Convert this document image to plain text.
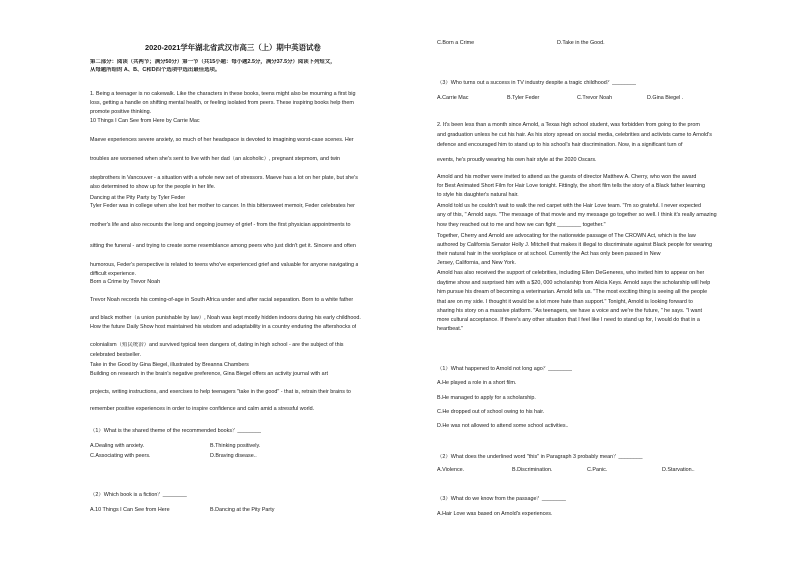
2020-2021学年湖北省武汉市高三（上）期中英语试卷
第二部分：阅读（共两节；满分50分）第一节（共15小题：每小题2.5分，满分37.5分）阅读下列短文，
从每题所给的 A、B、C和D四个选项中选出最佳选项。
1. Being a teenager is no cakewalk. Like the characters in these books, teens might also be mourning a first big
loss, getting a handle on shifting mental health, or feeling isolated from peers. These inspiring books help them
promote positive thinking.
10 Things I Can See from Here by Carrie Mac
Maeve experiences severe anxiety, so much of her headspace is devoted to imagining worst-case scenes. Her
troubles are worsened when she's sent to live with her dad（an alcoholic）, pregnant stepmom, and twin
stepbrothers in Vancouver - a situation with a whole new set of stressors. Maeve has a lot on her plate, but she's
also determined to show up for the people in her life.
Dancing at the Pity Party by Tyler Feder
Tyler Feder was in college when she lost her mother to cancer. In this bittersweet memoir, Feder celebrates her
mother's life and also recounts the long and ongoing journey of grief - from the first physician appointments to
sitting the funeral - and trying to create some resemblance among peers who just didn't get it. Sincere and often
humorous, Feder's perspective is related to teens who've experienced grief and valuable for anyone navigating a
difficult experience.
Born a Crime by Trevor Noah
Trevor Noah records his coming-of-age in South Africa under and after racial separation. Born to a white father
and black mother（a union punishable by law）, Noah was kept mostly hidden indoors during his early childhood.
How the future Daily Show host maintained his wisdom and adaptability in a country enduring the aftershocks of
colonialism（殖民统治）and survived typical teen dangers of, dating in high school - are the subject of this
celebrated bestseller.
Take in the Good by Gina Biegel, illustrated by Breanna Chambers
Building on research in the brain's negative preference, Gina Biegel offers an activity journal with art
projects, writing instructions, and exercises to help teenagers "take in the good" - that is, retrain their brains to
remember positive experiences in order to inspire confidence and calm amid a stressful world.
（1）What is the shared theme of the recommended books？________
A.Dealing with anxiety.	B.Thinking positively.
C.Associating with peers.	D.Braving disease..
（2）Which book is a fiction？________
A.10 Things I Can See from Here	B.Dancing at the Pity Party
C.Born a Crime	D.Take in the Good.
（3）Who turns out a success in TV industry despite a tragic childhood？________
A.Carrie Mac	B.Tyler Feder	C.Trevor Noah	D.Gina Biegel .
2. It's been less than a month since Arnold, a Texas high school student, was forbidden from going to the prom
and graduation unless he cut his hair. As his story spread on social media, celebrities and activists came to Arnold's
defence and encouraged him to stand up to his school's hair discrimination. Now, in a significant turn of
events, he's proudly wearing his own hair style at the 2020 Oscars.
Arnold and his mother were invited to attend as the guests of director Matthew A. Cherry, who won the award
for Best Animated Short Film for Hair Love tonight. Fittingly, the short film tells the story of a Black father learning
to style his daughter's natural hair.
Arnold told us he couldn't wait to walk the red carpet with the Hair Love team. "I'm so grateful. I never expected
any of this, " Arnold says. "The message of that movie and my message go together so well. I think it's really amazing
how they reached out to me and how we can fight ________ together."
Together, Cherry and Arnold are advocating for the nationwide passage of The CROWN Act, which is the law
authored by California Senator Holly J. Mitchell that makes it illegal to discriminate against Black people for wearing
their natural hair in the workplace or at school. Currently the Act has only been passed in New
Jersey, California, and New York.
Arnold has also received the support of celebrities, including Ellen DeGeneres, who invited him to appear on her
daytime show and surprised him with a $20, 000 scholarship from Alicia Keys. Arnold says the scholarship will help
him pursue his dream of becoming a veterinarian. Arnold tells us. "The most exciting thing is seeing all the people
that are on my side. I thought it would be a lot more hate than support." Tonight, Arnold is looking forward to
sharing his story on a massive platform. "As teenagers, we have a voice and we're the future, " he says. "I want
more cultural acceptance. If there's any other situation that I feel like I need to stand up for, I would do that in a
heartbeat."
（1）What happened to Arnold not long ago？________
A.He played a role in a short film.
B.He managed to apply for a scholarship.
C.He dropped out of school owing to his hair.
D.He was not allowed to attend some school activities..
（2）What does the underlined word "this" in Paragraph 3 probably mean？________
A.Violence.	B.Discrimination.	C.Panic.	D.Starvation..
（3）What do we know from the passage？________
A.Hair Love was based on Arnold's experiences.
